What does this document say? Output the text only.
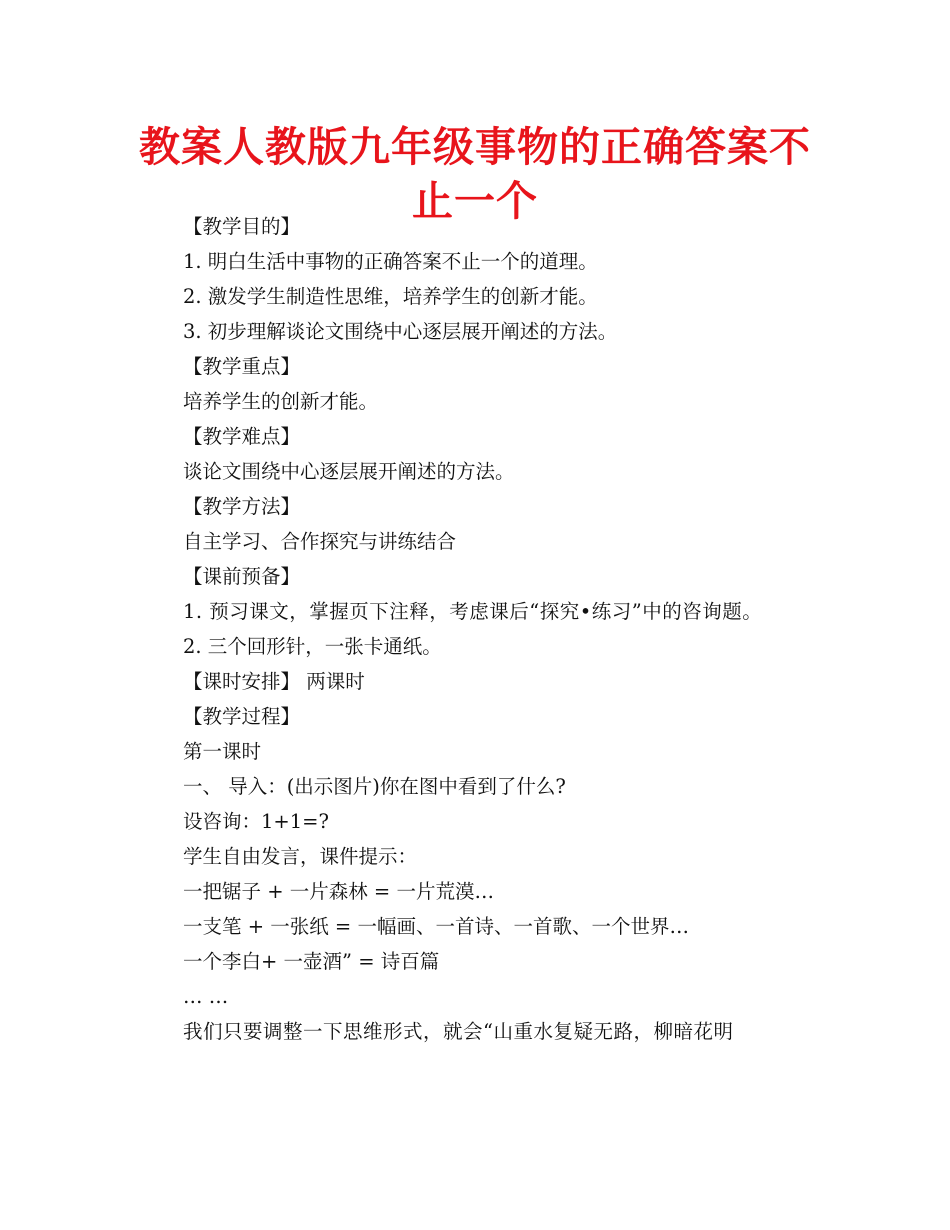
教案人教版九年级事物的正确答案不止一个
【教学目的】
1. 明白生活中事物的正确答案不止一个的道理。
2. 激发学生制造性思维，培养学生的创新才能。
3. 初步理解谈论文围绕中心逐层展开阐述的方法。
【教学重点】
培养学生的创新才能。
【教学难点】
谈论文围绕中心逐层展开阐述的方法。
【教学方法】
自主学习、合作探究与讲练结合
【课前预备】
1. 预习课文，掌握页下注释，考虑课后“探究•练习”中的咨询题。
2. 三个回形针，一张卡通纸。
【课时安排】 两课时
【教学过程】
第一课时
一、 导入：(出示图片)你在图中看到了什么?
设咨询：1+1=?
学生自由发言，课件提示：
一把锯子 + 一片森林 = 一片荒漠…
一支笔 + 一张纸 = 一幅画、一首诗、一首歌、一个世界…
一个李白+ 一壶酒” = 诗百篇
… …
我们只要调整一下思维形式，就会“山重水复疑无路，柳暗花明
